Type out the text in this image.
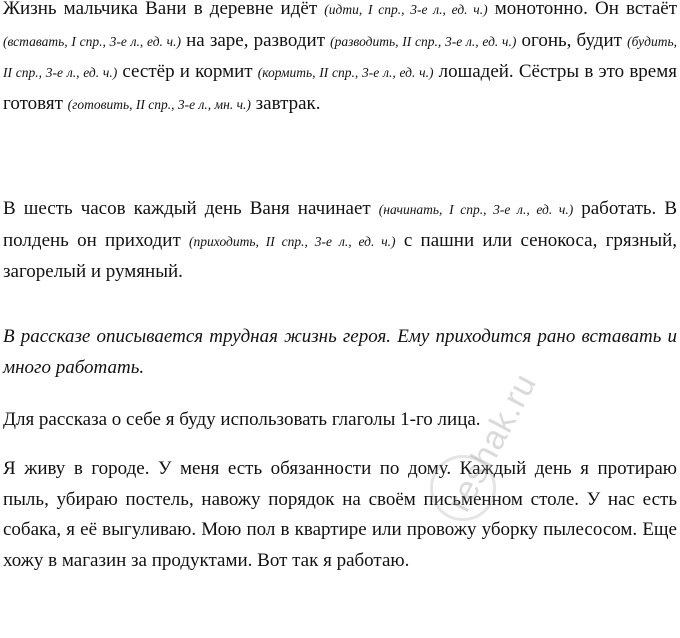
Жизнь мальчика Вани в деревне идёт (идти, I спр., 3-е л., ед. ч.) монотонно. Он встаёт (вставать, I спр., 3-е л., ед. ч.) на заре, разводит (разводить, II спр., 3-е л., ед. ч.) огонь, будит (будить, II спр., 3-е л., ед. ч.) сестёр и кормит (кормить, II спр., 3-е л., ед. ч.) лошадей. Сёстры в это время готовят (готовить, II спр., 3-е л., мн. ч.) завтрак.

В шесть часов каждый день Ваня начинает (начинать, I спр., 3-е л., ед. ч.) работать. В полдень он приходит (приходить, II спр., 3-е л., ед. ч.) с пашни или сенокоса, грязный, загорелый и румяный.

В рассказе описывается трудная жизнь героя. Ему приходится рано вставать и много работать.

Для рассказа о себе я буду использовать глаголы 1-го лица.

Я живу в городе. У меня есть обязанности по дому. Каждый день я протираю пыль, убираю постель, навожу порядок на своём письменном столе. У нас есть собака, я её выгуливаю. Мою пол в квартире или провожу уборку пылесосом. Еще хожу в магазин за продуктами. Вот так я работаю.

reshak.ru
